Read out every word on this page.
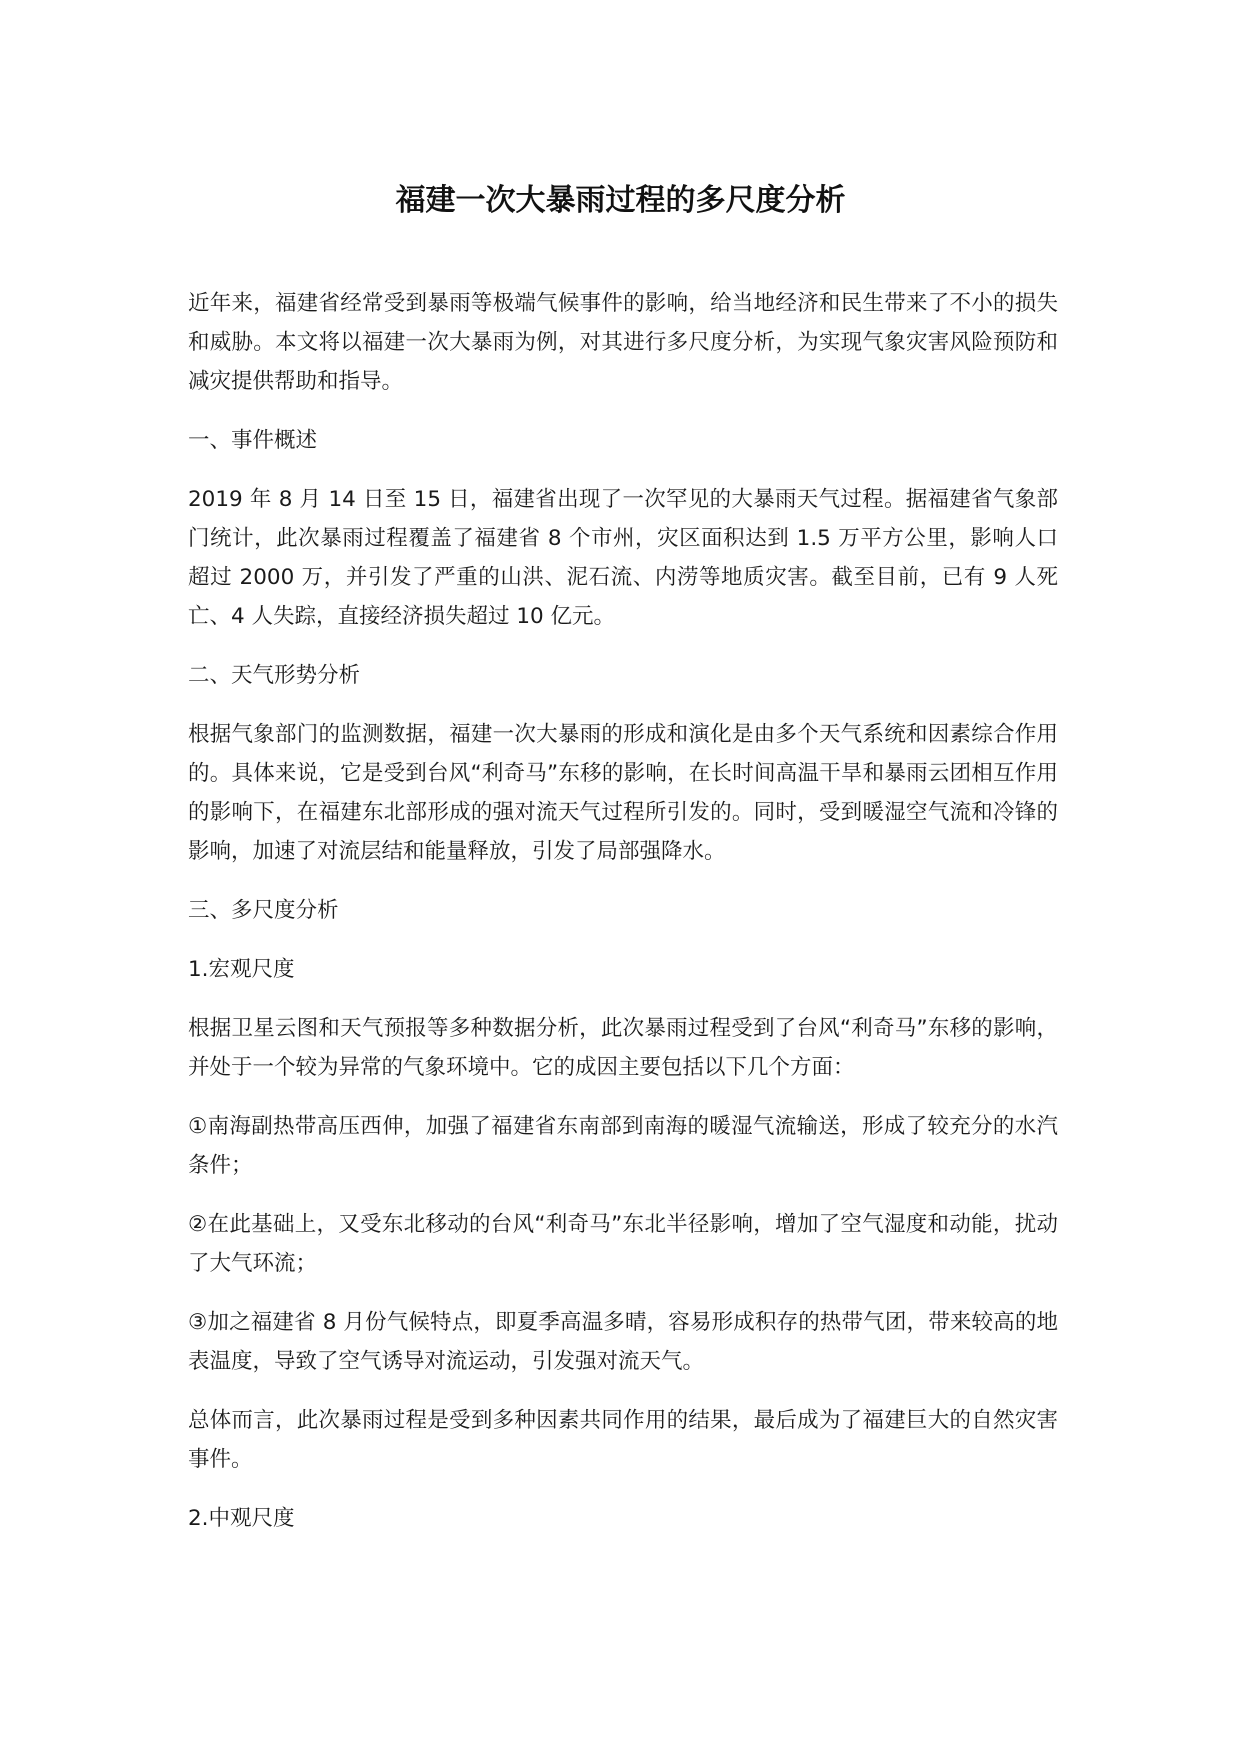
福建一次大暴雨过程的多尺度分析

近年来，福建省经常受到暴雨等极端气候事件的影响，给当地经济和民生带来了不小的损失和威胁。本文将以福建一次大暴雨为例，对其进行多尺度分析，为实现气象灾害风险预防和减灾提供帮助和指导。

一、事件概述

2019 年 8 月 14 日至 15 日，福建省出现了一次罕见的大暴雨天气过程。据福建省气象部门统计，此次暴雨过程覆盖了福建省 8 个市州，灾区面积达到 1.5 万平方公里，影响人口超过 2000 万，并引发了严重的山洪、泥石流、内涝等地质灾害。截至目前，已有 9 人死亡、4 人失踪，直接经济损失超过 10 亿元。

二、天气形势分析

根据气象部门的监测数据，福建一次大暴雨的形成和演化是由多个天气系统和因素综合作用的。具体来说，它是受到台风“利奇马”东移的影响，在长时间高温干旱和暴雨云团相互作用的影响下，在福建东北部形成的强对流天气过程所引发的。同时，受到暖湿空气流和冷锋的影响，加速了对流层结和能量释放，引发了局部强降水。

三、多尺度分析

1.宏观尺度

根据卫星云图和天气预报等多种数据分析，此次暴雨过程受到了台风“利奇马”东移的影响，并处于一个较为异常的气象环境中。它的成因主要包括以下几个方面：

①南海副热带高压西伸，加强了福建省东南部到南海的暖湿气流输送，形成了较充分的水汽条件；

②在此基础上，又受东北移动的台风“利奇马”东北半径影响，增加了空气湿度和动能，扰动了大气环流；

③加之福建省 8 月份气候特点，即夏季高温多晴，容易形成积存的热带气团，带来较高的地表温度，导致了空气诱导对流运动，引发强对流天气。

总体而言，此次暴雨过程是受到多种因素共同作用的结果，最后成为了福建巨大的自然灾害事件。

2.中观尺度
